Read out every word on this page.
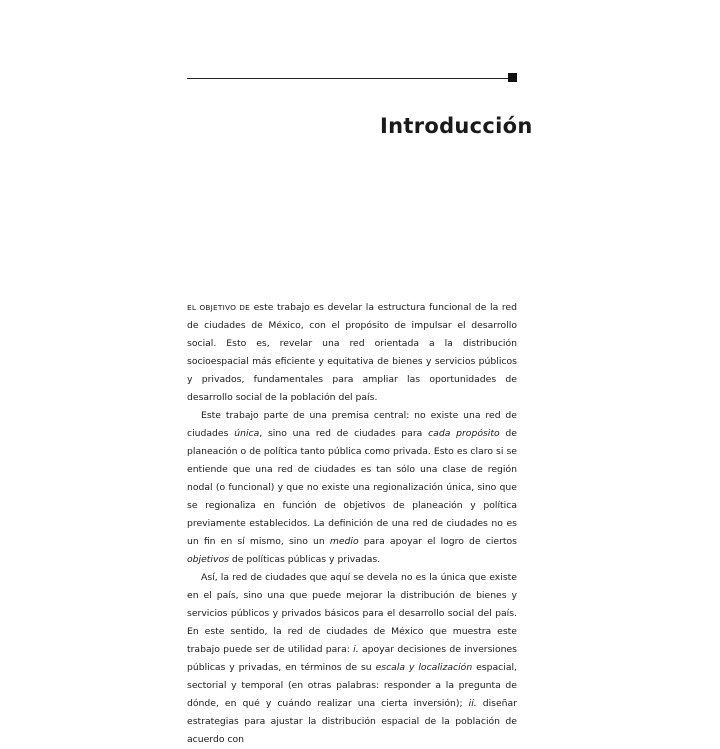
Introducción

EL OBJETIVO DE este trabajo es develar la estructura funcional de la red de ciudades de México, con el propósito de impulsar el desarrollo social. Esto es, revelar una red orientada a la distribución socioespacial más eficiente y equitativa de bienes y servicios públicos y privados, fundamentales para ampliar las oportunidades de desarrollo social de la población del país.

Este trabajo parte de una premisa central: no existe una red de ciudades única, sino una red de ciudades para cada propósito de planeación o de política tanto pública como privada. Esto es claro si se entiende que una red de ciudades es tan sólo una clase de región nodal (o funcional) y que no existe una regionalización única, sino que se regionaliza en función de objetivos de planeación y política previamente establecidos. La definición de una red de ciudades no es un fin en sí mismo, sino un medio para apoyar el logro de ciertos objetivos de políticas públicas y privadas.

Así, la red de ciudades que aquí se devela no es la única que existe en el país, sino una que puede mejorar la distribución de bienes y servicios públicos y privados básicos para el desarrollo social del país. En este sentido, la red de ciudades de México que muestra este trabajo puede ser de utilidad para: i. apoyar decisiones de inversiones públicas y privadas, en términos de su escala y localización espacial, sectorial y temporal (en otras palabras: responder a la pregunta de dónde, en qué y cuándo realizar una cierta inversión); ii. diseñar estrategias para ajustar la distribución espacial de la población de acuerdo con
